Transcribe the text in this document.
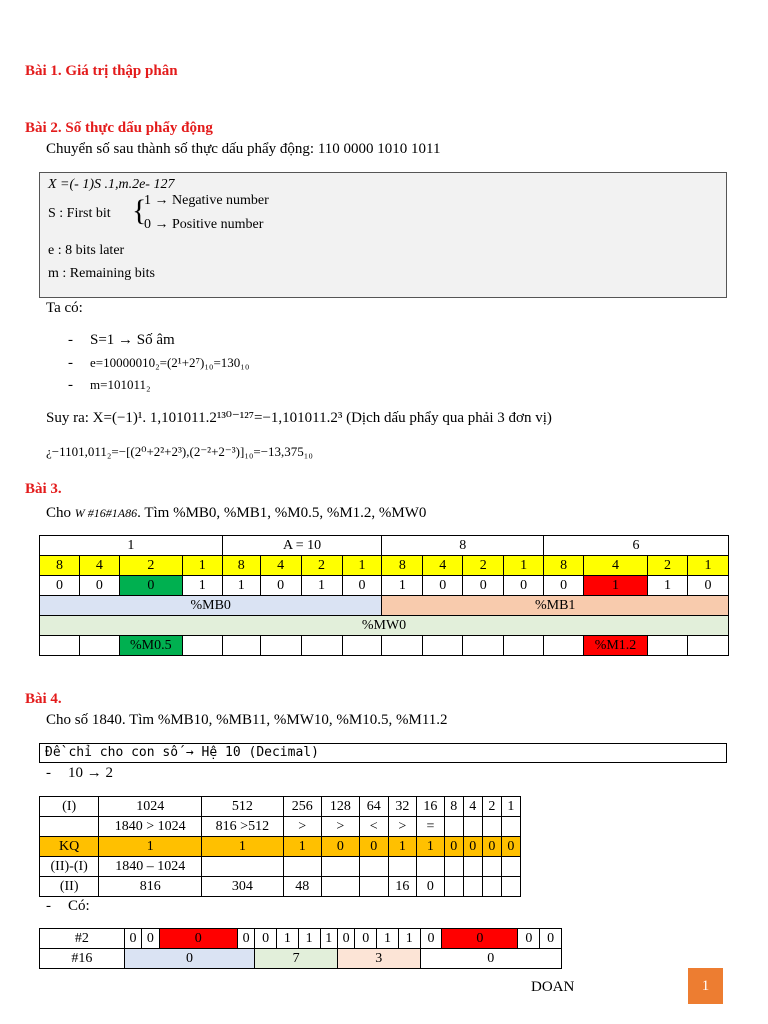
Bài 1. Giá trị thập phân
Bài 2. Số thực dấu phẩy động
Chuyển số sau thành số thực dấu phẩy động: 110 0000 1010 1011
X =(- 1)S .1,m.2e- 127
S : First bit {
1 → Negative number
0 → Positive number
e : 8 bits later
m : Remaining bits
Ta có:
- S=1 → Số âm
- e=10000010₂=(2¹+2⁷)₁₀=130₁₀
- m=101011₂
Suy ra: X=(−1)¹. 1,101011.2¹³⁰⁻¹²⁷=−1,101011.2³ (Dịch dấu phẩy qua phải 3 đơn vị)
¿−1101,011₂=−[(2⁰+2²+2³),(2⁻²+2⁻³)]₁₀=−13,375₁₀
Bài 3.
Cho W #16#1A86. Tìm %MB0, %MB1, %M0.5, %M1.2, %MW0
1				A = 10				8				6			
8	4	2	1	8	4	2	1	8	4	2	1	8	4	2	1
0	0	0	1	1	0	1	0	1	0	0	0	0	1	1	0
%MB0								%MB1							
%MW0															
		%M0.5											%M1.2		
Bài 4.
Cho số 1840. Tìm %MB10, %MB11, %MW10, %M10.5, %M11.2
Đề chỉ cho con số → Hệ 10 (Decimal)
- 10 → 2
(I)	1024	512	256	128	64	32	16	8	4	2	1
	1840 > 1024	816 >512	>	>	<	>	=				
KQ	1	1	1	0	0	1	1	0	0	0	0
(II)-(I)	1840 – 1024										
(II)	816	304	48			16	0				
- Có:
#2	0	0	0	0	0	1	1	1	0	0	1	1	0	0	0	0
#16	0				7				3				0			
DOAN	1
